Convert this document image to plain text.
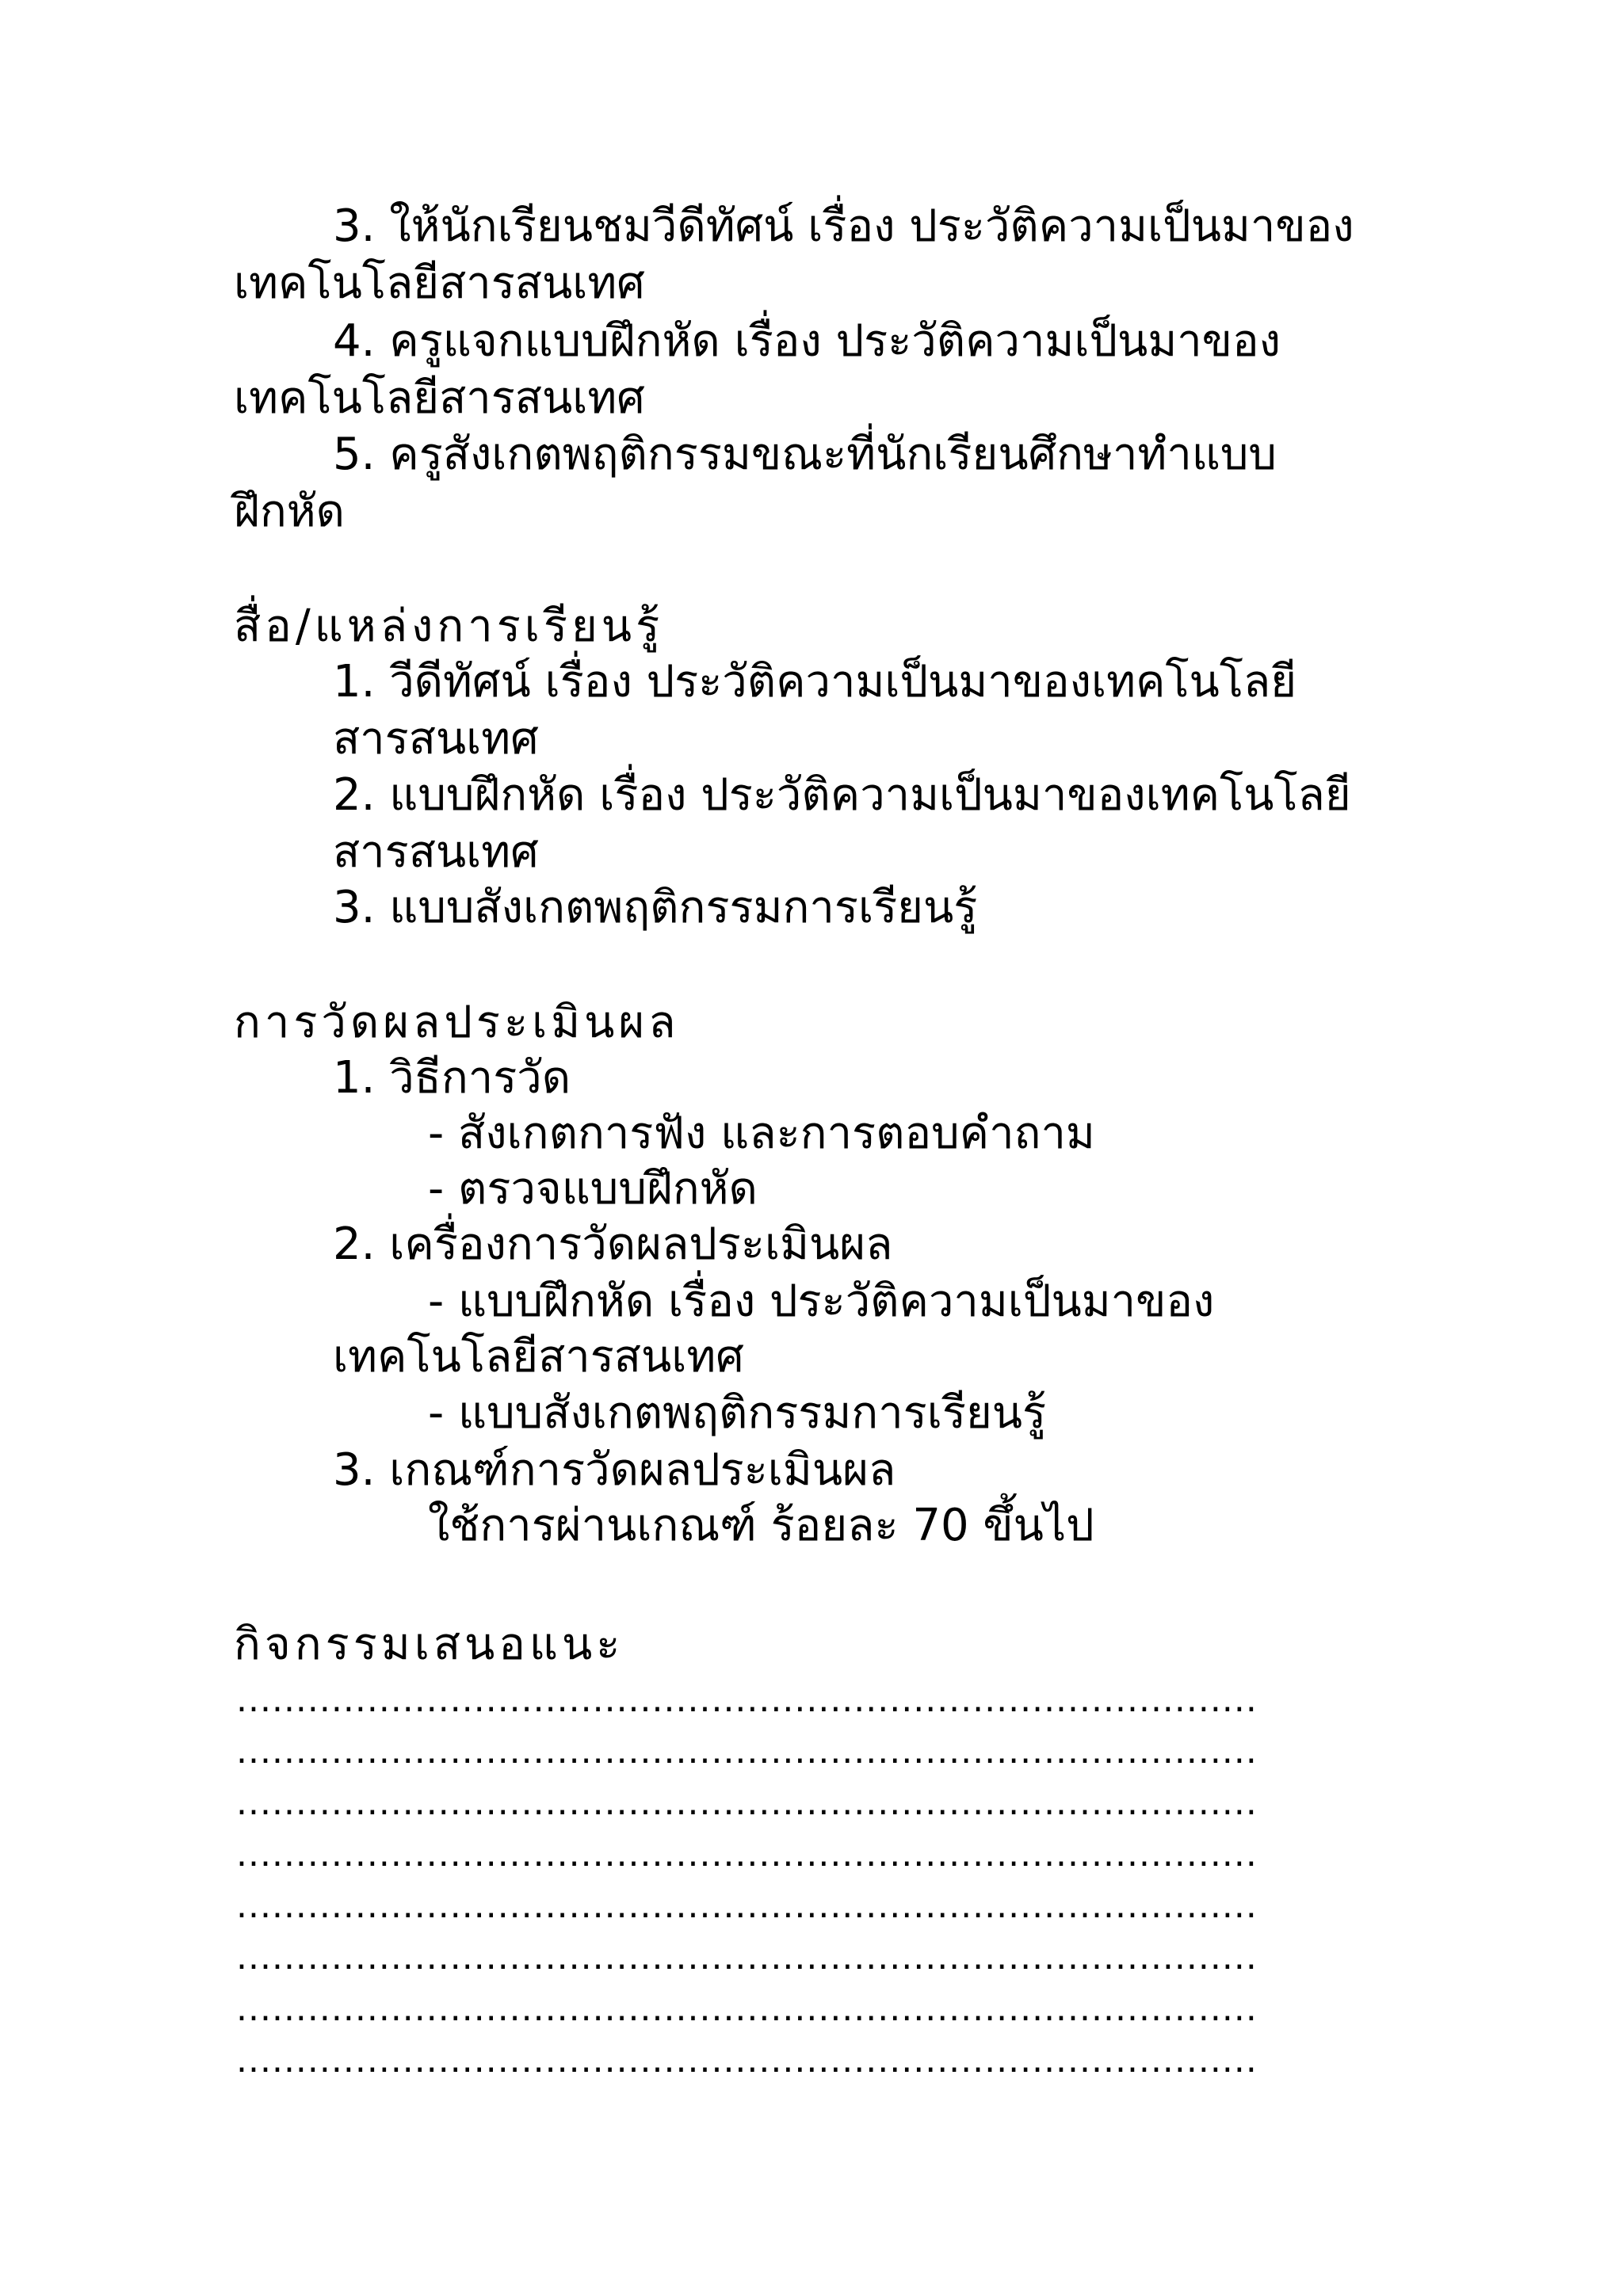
3. ให้นักเรียนชมวีดีทัศน์ เรื่อง ประวัติความเป็นมาของ

เทคโนโลยีสารสนเทศ

4. ครูแจกแบบฝึกหัด เรื่อง ประวัติความเป็นมาของ

เทคโนโลยีสารสนเทศ

5. ครูสังเกตพฤติกรรมขณะที่นักเรียนศึกษาทำแบบ

ฝึกหัด

สื่อ/แหล่งการเรียนรู้

1. วีดีทัศน์ เรื่อง ประวัติความเป็นมาของเทคโนโลยี

สารสนเทศ

2. แบบฝึกหัด เรื่อง ประวัติความเป็นมาของเทคโนโลยี

สารสนเทศ

3. แบบสังเกตพฤติกรรมการเรียนรู้

การวัดผลประเมินผล

1. วิธีการวัด

- สังเกตการฟัง และการตอบคำถาม

- ตรวจแบบฝึกหัด

2. เครื่องการวัดผลประเมินผล

- แบบฝึกหัด เรื่อง ประวัติความเป็นมาของ

เทคโนโลยีสารสนเทศ

- แบบสังเกตพฤติกรรมการเรียนรู้

3. เกณฑ์การวัดผลประเมินผล

ใช้การผ่านเกณฑ์ ร้อยละ 70 ขึ้นไป

กิจกรรมเสนอแนะ
......................................................................................
......................................................................................
......................................................................................
......................................................................................
......................................................................................
......................................................................................
......................................................................................
......................................................................................
